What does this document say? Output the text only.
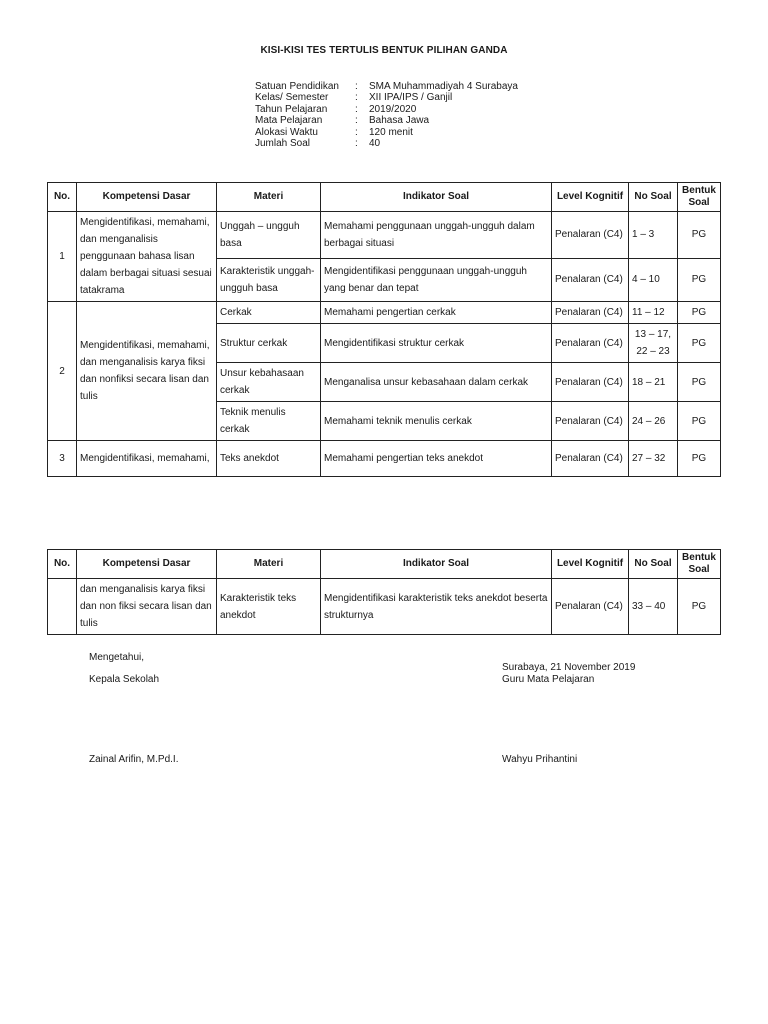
KISI-KISI TES TERTULIS BENTUK PILIHAN GANDA
Satuan Pendidikan	:	SMA Muhammadiyah 4 Surabaya
Kelas/ Semester	:	XII IPA/IPS / Ganjil
Tahun Pelajaran	:	2019/2020
Mata Pelajaran	:	Bahasa Jawa
Alokasi Waktu	:	120 menit
Jumlah Soal	:	40
No.	Kompetensi Dasar	Materi	Indikator Soal	Level Kognitif	No Soal	Bentuk Soal
1	Mengidentifikasi, memahami, dan menganalisis penggunaan bahasa lisan dalam berbagai situasi sesuai tatakrama	Unggah – ungguh basa	Memahami penggunaan unggah-ungguh dalam berbagai situasi	Penalaran (C4)	1 – 3	PG
		Karakteristik unggah-ungguh basa	Mengidentifikasi penggunaan unggah-ungguh yang benar dan tepat	Penalaran (C4)	4 – 10	PG
2	Mengidentifikasi, memahami, dan menganalisis karya fiksi dan nonfiksi secara lisan dan tulis	Cerkak	Memahami pengertian cerkak	Penalaran (C4)	11 – 12	PG
		Struktur cerkak	Mengidentifikasi struktur cerkak	Penalaran (C4)	13 – 17, 22 – 23	PG
		Unsur kebahasaan cerkak	Menganalisa unsur kebasahaan dalam cerkak	Penalaran (C4)	18 – 21	PG
		Teknik menulis cerkak	Memahami teknik menulis cerkak	Penalaran (C4)	24 – 26	PG
3	Mengidentifikasi, memahami,	Teks anekdot	Memahami pengertian teks anekdot	Penalaran (C4)	27 – 32	PG
No.	Kompetensi Dasar	Materi	Indikator Soal	Level Kognitif	No Soal	Bentuk Soal
	dan menganalisis karya fiksi dan non fiksi secara lisan dan tulis	Karakteristik teks anekdot	Mengidentifikasi karakteristik teks anekdot beserta strukturnya	Penalaran (C4)	33 – 40	PG
Mengetahui,
Kepala Sekolah
Zainal Arifin, M.Pd.I.
Surabaya, 21 November 2019
Guru Mata Pelajaran
Wahyu Prihantini
